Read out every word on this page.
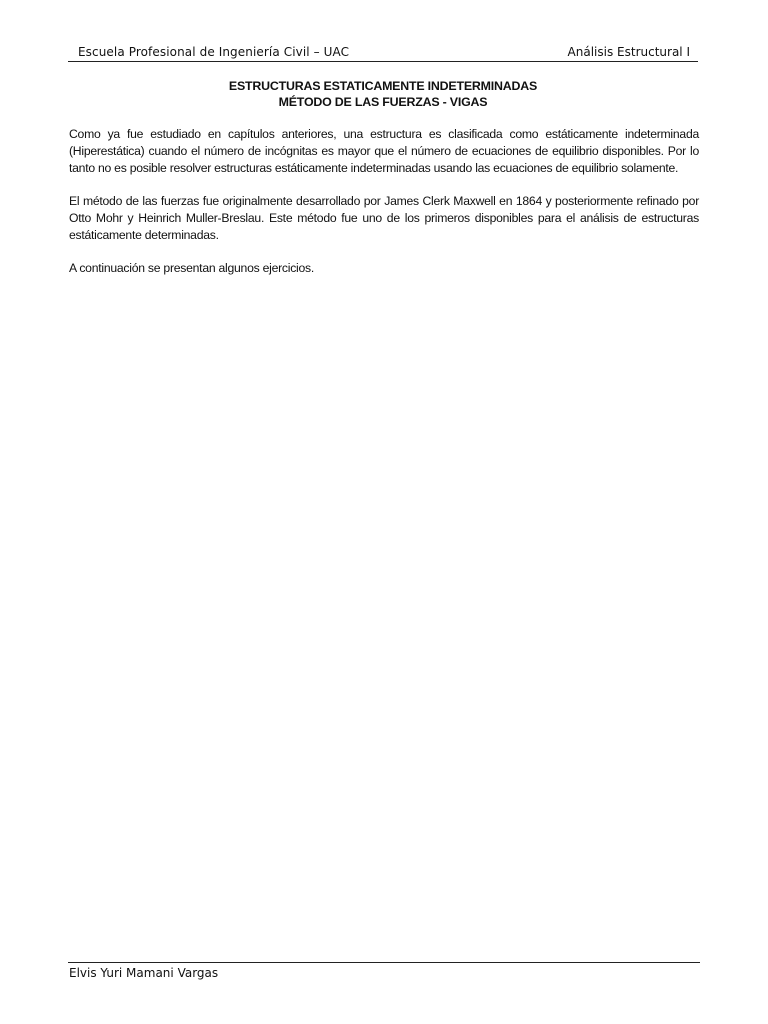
Escuela Profesional de Ingeniería Civil – UAC	Análisis Estructural I
ESTRUCTURAS ESTATICAMENTE INDETERMINADAS
MÉTODO DE LAS FUERZAS - VIGAS

Como ya fue estudiado en capítulos anteriores, una estructura es clasificada como estáticamente indeterminada (Hiperestática) cuando el número de incógnitas es mayor que el número de ecuaciones de equilibrio disponibles. Por lo tanto no es posible resolver estructuras estáticamente indeterminadas usando las ecuaciones de equilibrio solamente.

El método de las fuerzas fue originalmente desarrollado por James Clerk Maxwell en 1864 y posteriormente refinado por Otto Mohr y Heinrich Muller-Breslau. Este método fue uno de los primeros disponibles para el análisis de estructuras estáticamente determinadas.

A continuación se presentan algunos ejercicios.

Elvis Yuri Mamani Vargas
